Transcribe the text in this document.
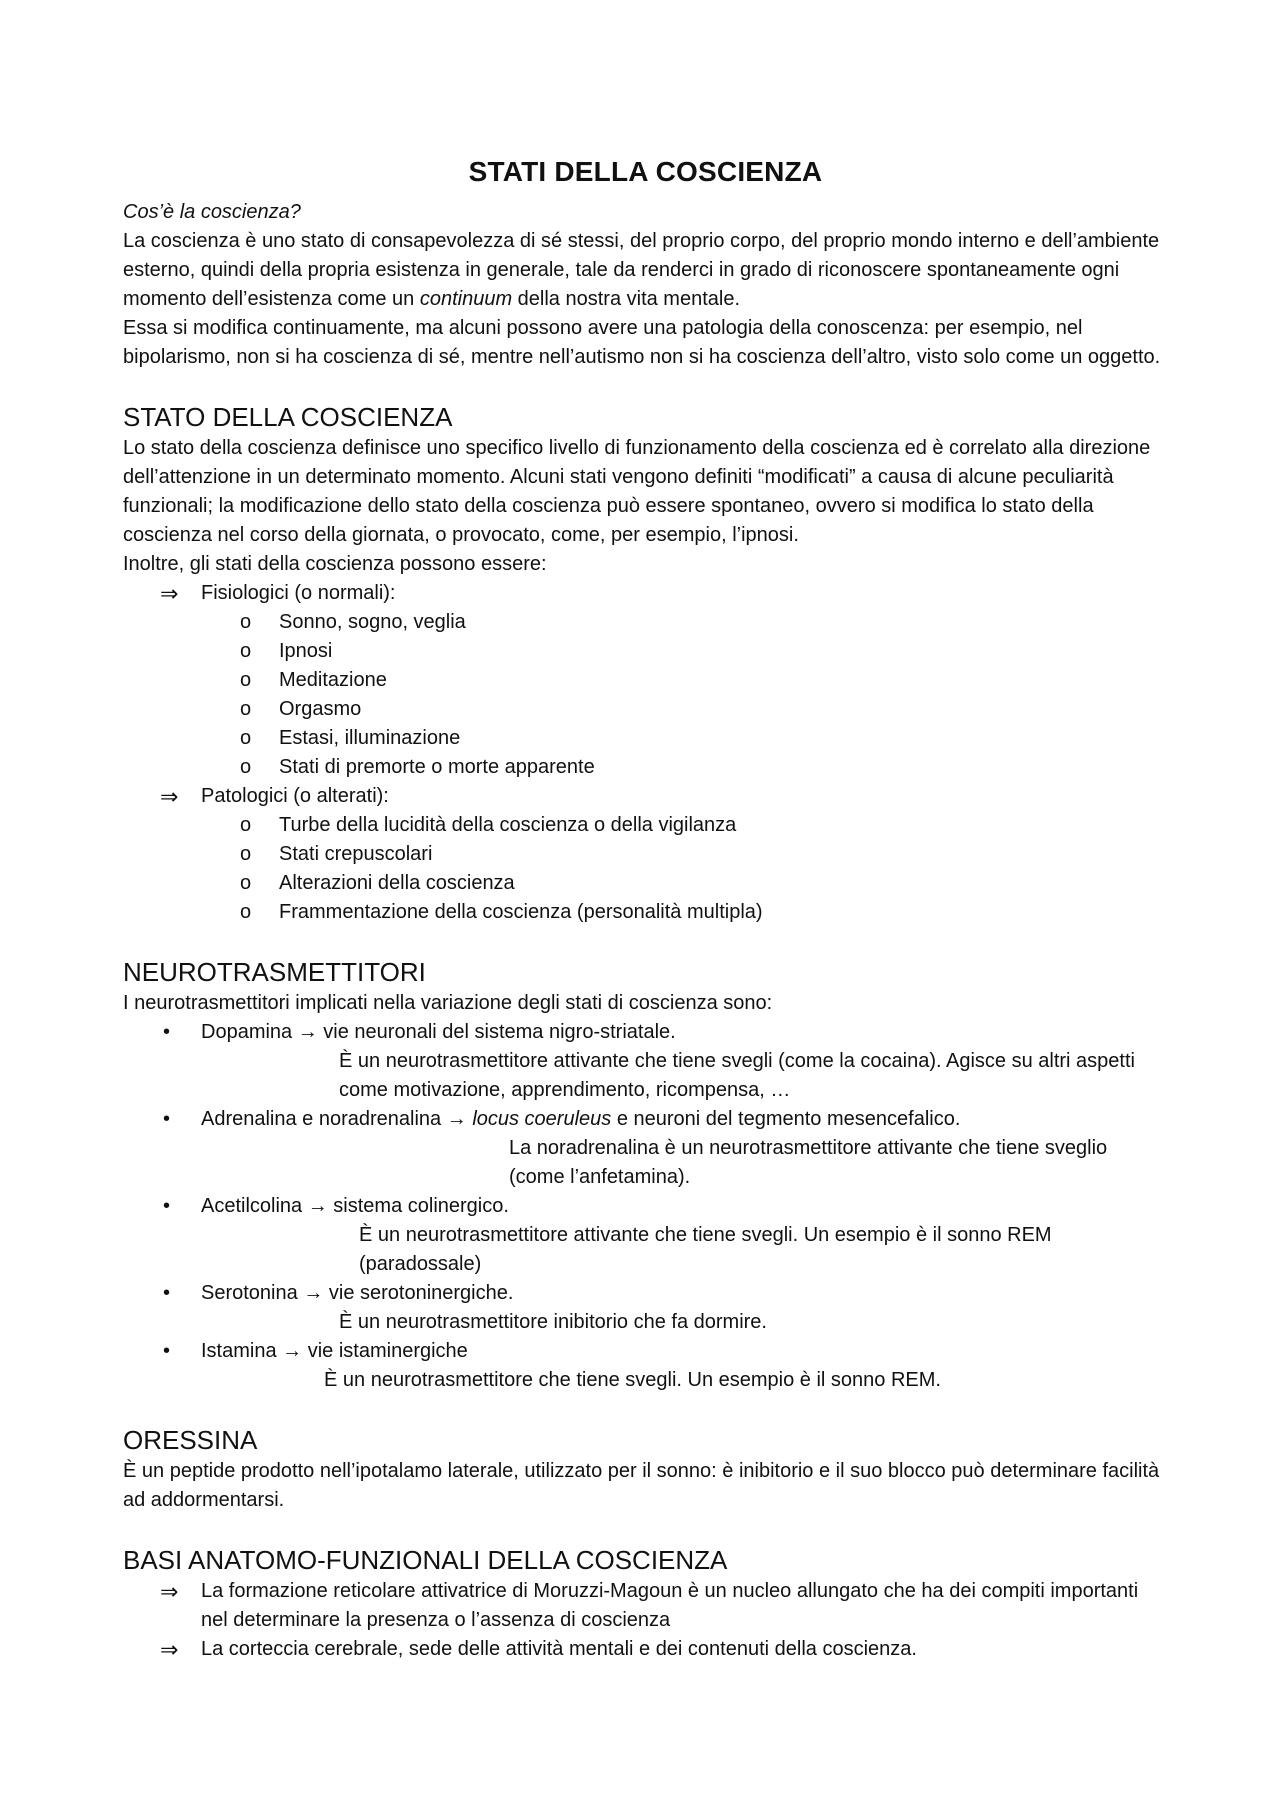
STATI DELLA COSCIENZA

Cos’è la coscienza?

La coscienza è uno stato di consapevolezza di sé stessi, del proprio corpo, del proprio mondo interno e dell’ambiente esterno, quindi della propria esistenza in generale, tale da renderci in grado di riconoscere spontaneamente ogni momento dell’esistenza come un continuum della nostra vita mentale.

Essa si modifica continuamente, ma alcuni possono avere una patologia della conoscenza: per esempio, nel bipolarismo, non si ha coscienza di sé, mentre nell’autismo non si ha coscienza dell’altro, visto solo come un oggetto.

STATO DELLA COSCIENZA

Lo stato della coscienza definisce uno specifico livello di funzionamento della coscienza ed è correlato alla direzione dell’attenzione in un determinato momento. Alcuni stati vengono definiti “modificati” a causa di alcune peculiarità funzionali; la modificazione dello stato della coscienza può essere spontaneo, ovvero si modifica lo stato della coscienza nel corso della giornata, o provocato, come, per esempio, l’ipnosi.

Inoltre, gli stati della coscienza possono essere:

⇒ Fisiologici (o normali):
o Sonno, sogno, veglia
o Ipnosi
o Meditazione
o Orgasmo
o Estasi, illuminazione
o Stati di premorte o morte apparente
⇒ Patologici (o alterati):
o Turbe della lucidità della coscienza o della vigilanza
o Stati crepuscolari
o Alterazioni della coscienza
o Frammentazione della coscienza (personalità multipla)
NEUROTRASMETTITORI

I neurotrasmettitori implicati nella variazione degli stati di coscienza sono:

• Dopamina → vie neuronali del sistema nigro-striatale.
È un neurotrasmettitore attivante che tiene svegli (come la cocaina). Agisce su altri aspetti come motivazione, apprendimento, ricompensa, …
• Adrenalina e noradrenalina → locus coeruleus e neuroni del tegmento mesencefalico.
La noradrenalina è un neurotrasmettitore attivante che tiene sveglio (come l’anfetamina).
• Acetilcolina → sistema colinergico.
È un neurotrasmettitore attivante che tiene svegli. Un esempio è il sonno REM (paradossale)
• Serotonina → vie serotoninergiche.
È un neurotrasmettitore inibitorio che fa dormire.
• Istamina → vie istaminergiche
È un neurotrasmettitore che tiene svegli. Un esempio è il sonno REM.
ORESSINA

È un peptide prodotto nell’ipotalamo laterale, utilizzato per il sonno: è inibitorio e il suo blocco può determinare facilità ad addormentarsi.

BASI ANATOMO-FUNZIONALI DELLA COSCIENZA
⇒ La formazione reticolare attivatrice di Moruzzi-Magoun è un nucleo allungato che ha dei compiti importanti nel determinare la presenza o l’assenza di coscienza
⇒ La corteccia cerebrale, sede delle attività mentali e dei contenuti della coscienza.
